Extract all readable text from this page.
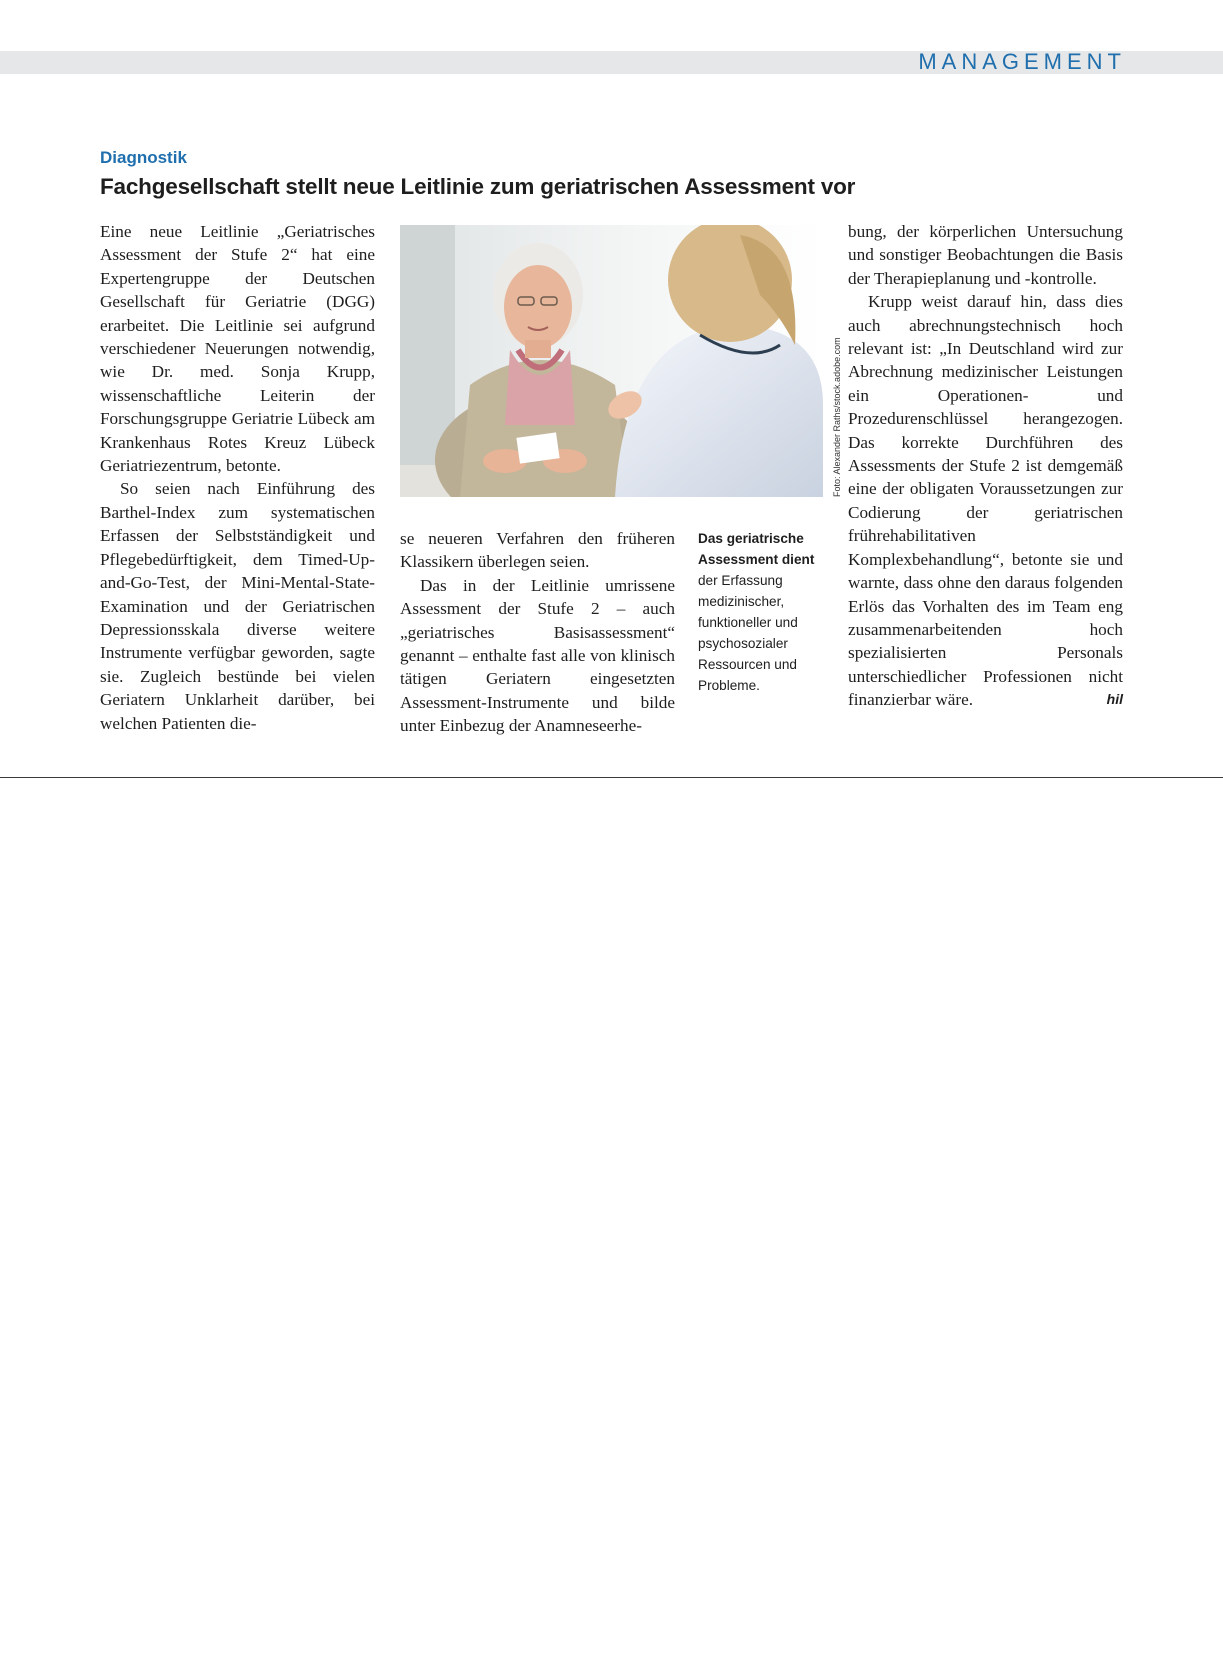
MANAGEMENT
Diagnostik
Fachgesellschaft stellt neue Leitlinie zum geriatrischen Assessment vor

Eine neue Leitlinie „Geriatrisches Assessment der Stufe 2“ hat eine Expertengruppe der Deutschen Gesellschaft für Geriatrie (DGG) erarbeitet. Die Leitlinie sei aufgrund verschiedener Neuerungen notwendig, wie Dr. med. Sonja Krupp, wissenschaftliche Leiterin der Forschungsgruppe Geriatrie Lübeck am Krankenhaus Rotes Kreuz Lübeck Geriatriezentrum, betonte.

So seien nach Einführung des Barthel-Index zum systematischen Erfassen der Selbstständigkeit und Pflegebedürftigkeit, dem Timed-Up-and-Go-Test, der Mini-Mental-State-Examination und der Geriatrischen Depressionsskala diverse weitere Instrumente verfügbar geworden, sagte sie. Zugleich bestünde bei vielen Geriatern Unklarheit darüber, bei welchen Patienten die-

Foto: Alexander Raths/stock.adobe.com

se neueren Verfahren den früheren Klassikern überlegen seien.

Das in der Leitlinie umrissene Assessment der Stufe 2 – auch „geriatrisches Basisassessment“ genannt – enthalte fast alle von klinisch tätigen Geriatern eingesetzten Assessment-Instrumente und bilde unter Einbezug der Anamneseerhe-

Das geriatrische Assessment dient der Erfassung medizinischer, funktioneller und psychosozialer Ressourcen und Probleme.

bung, der körperlichen Untersuchung und sonstiger Beobachtungen die Basis der Therapieplanung und -kontrolle.

Krupp weist darauf hin, dass dies auch abrechnungstechnisch hoch relevant ist: „In Deutschland wird zur Abrechnung medizinischer Leistungen ein Operationen- und Prozedurenschlüssel herangezogen. Das korrekte Durchführen des Assessments der Stufe 2 ist demgemäß eine der obligaten Voraussetzungen zur Codierung der geriatrischen frührehabilitativen Komplexbehandlung“, betonte sie und warnte, dass ohne den daraus folgenden Erlös das Vorhalten des im Team eng zusammenarbeitenden hoch spezialisierten Personals unterschiedlicher Professionen nicht finanzierbar wäre.	hil
